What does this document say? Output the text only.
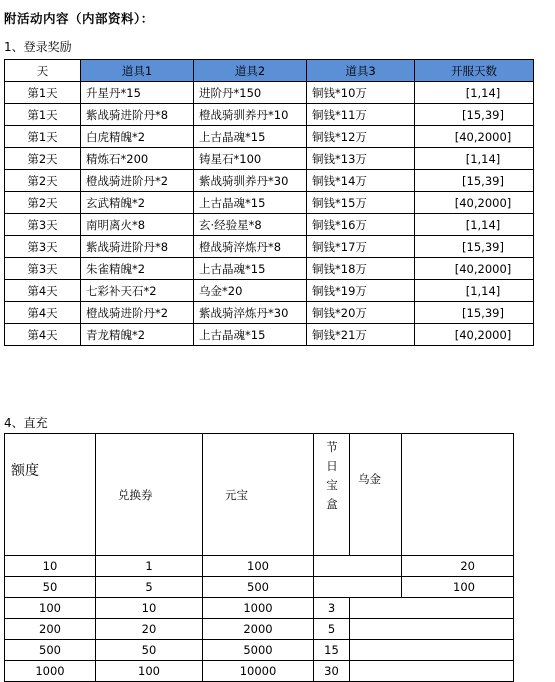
附活动内容（内部资料）：
1、登录奖励
天	道具1	道具2	道具3	开服天数
第1天	升星丹*15	进阶丹*150	铜钱*10万	[1,14]
第1天	紫战骑进阶丹*8	橙战骑驯养丹*10	铜钱*11万	[15,39]
第1天	白虎精魄*2	上古晶魂*15	铜钱*12万	[40,2000]
第2天	精炼石*200	铸星石*100	铜钱*13万	[1,14]
第2天	橙战骑进阶丹*2	紫战骑驯养丹*30	铜钱*14万	[15,39]
第2天	玄武精魄*2	上古晶魂*15	铜钱*15万	[40,2000]
第3天	南明离火*8	玄·经验星*8	铜钱*16万	[1,14]
第3天	紫战骑进阶丹*8	橙战骑淬炼丹*8	铜钱*17万	[15,39]
第3天	朱雀精魄*2	上古晶魂*15	铜钱*18万	[40,2000]
第4天	七彩补天石*2	乌金*20	铜钱*19万	[1,14]
第4天	橙战骑进阶丹*2	紫战骑淬炼丹*30	铜钱*20万	[15,39]
第4天	青龙精魄*2	上古晶魂*15	铜钱*21万	[40,2000]
4、直充
额度	兑换券	元宝	节日宝盒	乌金	
10	1	100			20
50	5	500			100
100	10	1000	3		
200	20	2000	5		
500	50	5000	15		
1000	100	10000	30		
